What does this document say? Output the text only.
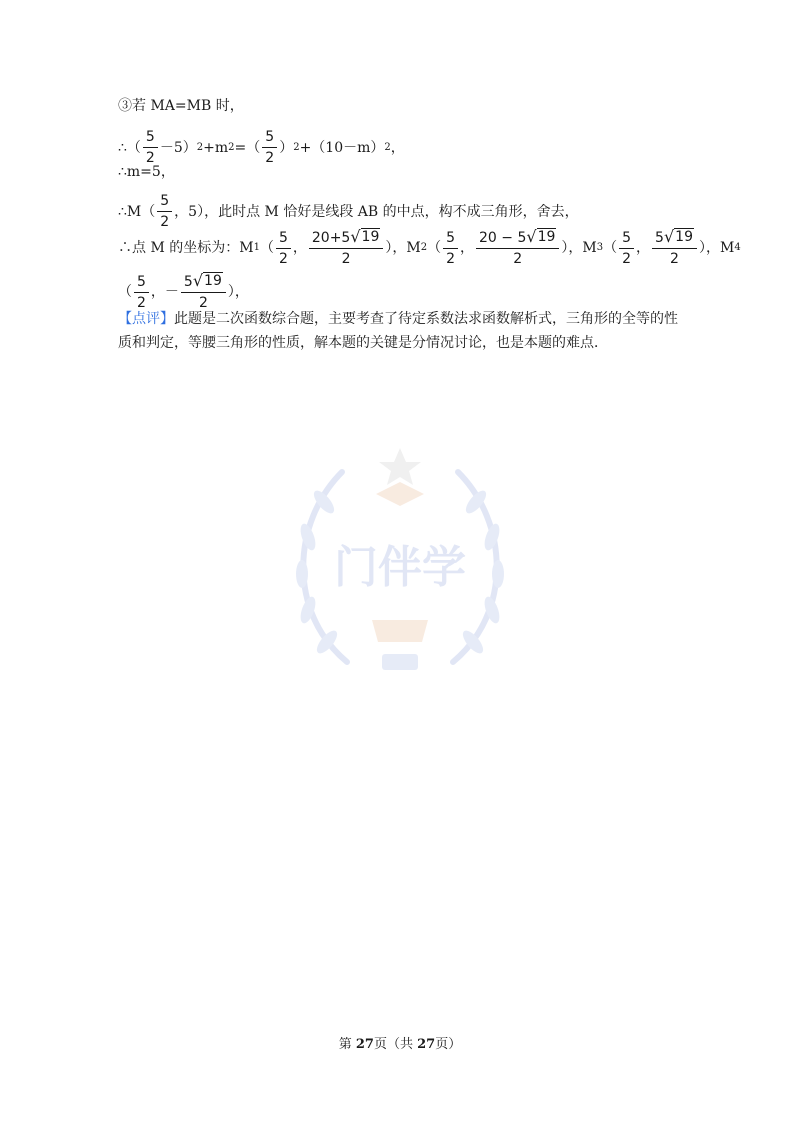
③若 MA=MB 时，
∴（ $\frac{5}{2} -5$） 2 +m 2 =（ $\frac{5}{2}$ ） 2 +（10－m） 2 ，
∴m=5，
∴M（ $\frac{5}{2}$ ，5），此时点 M 恰好是线段 AB 的中点，构不成三角形，舍去，
∴点 M 的坐标为：M 1 （ $\frac{5}{2}$ ， $\frac{20+5 √ 19}{2}$ ），M 2 （ $\frac{5}{2}$ ， $\frac{20 - 5 √ 19}{2}$ ），M 3 （ $\frac{5}{2}$ ， $\frac{5 √ 19}{2}$ ），M 4
（ $\frac{5}{2}$ ，－ $\frac{5 √ 19}{2}$ ），
【点评】此题是二次函数综合题，主要考查了待定系数法求函数解析式，三角形的全等的性质和判定，等腰三角形的性质，解本题的关键是分情况讨论，也是本题的难点．
门伴学
第 27页（共 27页）
